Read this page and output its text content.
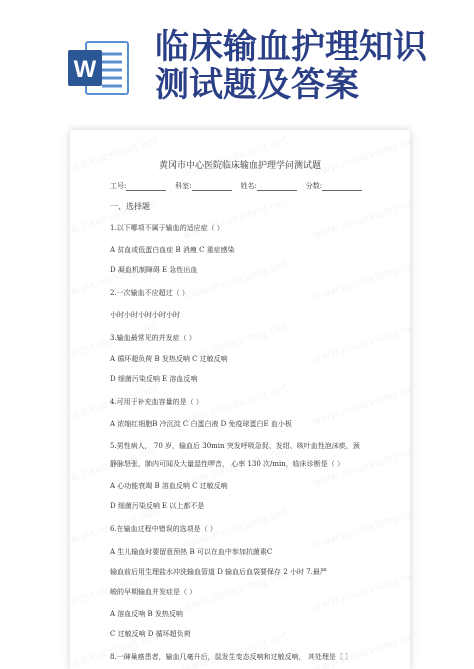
W
临床输血护理知识
测试题及答案
黄冈市中心医院临床输血护理学问测试题
工号:	科室:	姓名:	分数:
一、选择题
1.以下哪项不属于输血的适应症（ ）
A 贫血或低蛋白血症 B 消瘦 C 重症感染
D 凝血机制障碍 E 急性出血
2.一次输血不应超过（ ）
小时小时小时小时小时
3.输血最常见的并发症（ ）
A 循环超负荷 B 发热反响 C 过敏反响
D 细菌污染反响 E 溶血反响
4.可用于补充血容量的是（ ）
A 浓缩红细胞B 冷沉淀 C 白蛋白液 D 免疫球蛋白E 血小板
5.男性病人， 70 岁，输血后 30min 突发呼吸急促、发绀、咳叶血性泡沫痰，颈
静脉怒张，肺内可闻及大量湿性啰音， 心率 130 次/min，临床诊断是（ ）
A 心功能衰竭 B 溶血反响 C 过敏反响
D 细菌污染反响 E 以上都不是
6.在输血过程中错误的选项是（ ）
A 生儿输血时要留意预热 B 可以在血中参加抗菌素C
输血前后用生理盐水冲洗输血管道 D 输血后血袋要保存 2 小时 7.最严
峻的早期输血并发症是（ ）
A 溶血反响 B 发热反响
C 过敏反响 D 循环超负荷
8.一砷巢癌患者，输血几毫升后，鼠发生变态反响和过敏反响， 其处理是［ ］
